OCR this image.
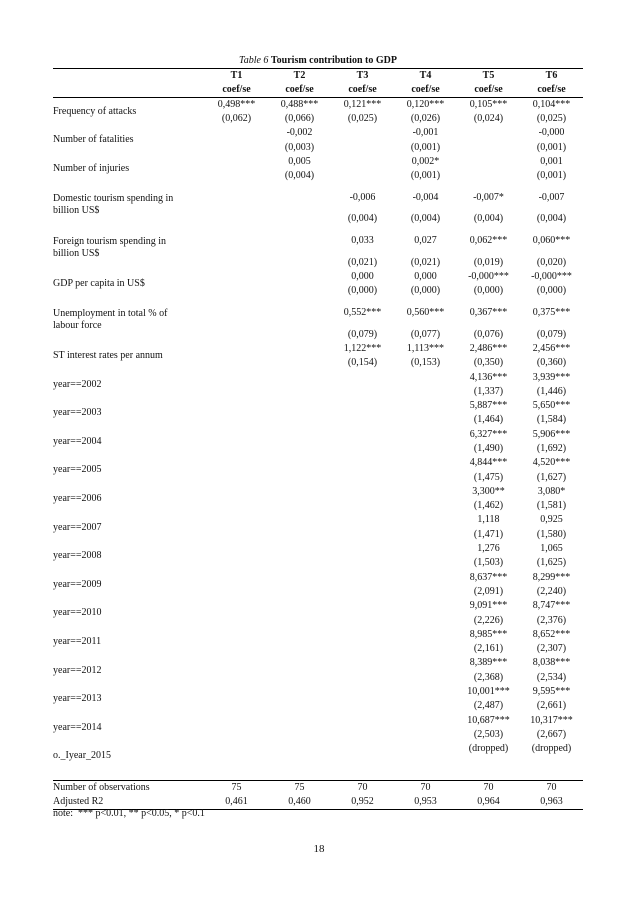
Table 6 Tourism contribution to GDP
	T1	T2	T3	T4	T5	T6
	coef/se	coef/se	coef/se	coef/se	coef/se	coef/se
Frequency of attacks	0,498***	0,488***	0,121***	0,120***	0,105***	0,104***
	(0,062)	(0,066)	(0,025)	(0,026)	(0,024)	(0,025)
Number of fatalities		-0,002		-0,001		-0,000
		(0,003)		(0,001)		(0,001)
Number of injuries		0,005		0,002*		0,001
		(0,004)		(0,001)		(0,001)

Domestic tourism spending in
billion US$			-0,006	-0,004	-0,007*	-0,007
			(0,004)	(0,004)	(0,004)	(0,004)

Foreign tourism spending in
billion US$			0,033	0,027	0,062***	0,060***
			(0,021)	(0,021)	(0,019)	(0,020)
GDP per capita in US$			0,000	0,000	-0,000***	-0,000***
			(0,000)	(0,000)	(0,000)	(0,000)

Unemployment in total % of
labour force			0,552***	0,560***	0,367***	0,375***
			(0,079)	(0,077)	(0,076)	(0,079)
ST interest rates per annum			1,122***	1,113***	2,486***	2,456***
			(0,154)	(0,153)	(0,350)	(0,360)
year==2002					4,136***	3,939***
					(1,337)	(1,446)
year==2003					5,887***	5,650***
					(1,464)	(1,584)
year==2004					6,327***	5,906***
					(1,490)	(1,692)
year==2005					4,844***	4,520***
					(1,475)	(1,627)
year==2006					3,300**	3,080*
					(1,462)	(1,581)
year==2007					1,118	0,925
					(1,471)	(1,580)
year==2008					1,276	1,065
					(1,503)	(1,625)
year==2009					8,637***	8,299***
					(2,091)	(2,240)
year==2010					9,091***	8,747***
					(2,226)	(2,376)
year==2011					8,985***	8,652***
					(2,161)	(2,307)
year==2012					8,389***	8,038***
					(2,368)	(2,534)
year==2013					10,001***	9,595***
					(2,487)	(2,661)
year==2014					10,687***	10,317***
					(2,503)	(2,667)
o._Iyear_2015					(dropped)	(dropped)

Number of observations	75	75	70	70	70	70
Adjusted R2	0,461	0,460	0,952	0,953	0,964	0,963
note:  *** p<0.01, ** p<0.05, * p<0.1
18
